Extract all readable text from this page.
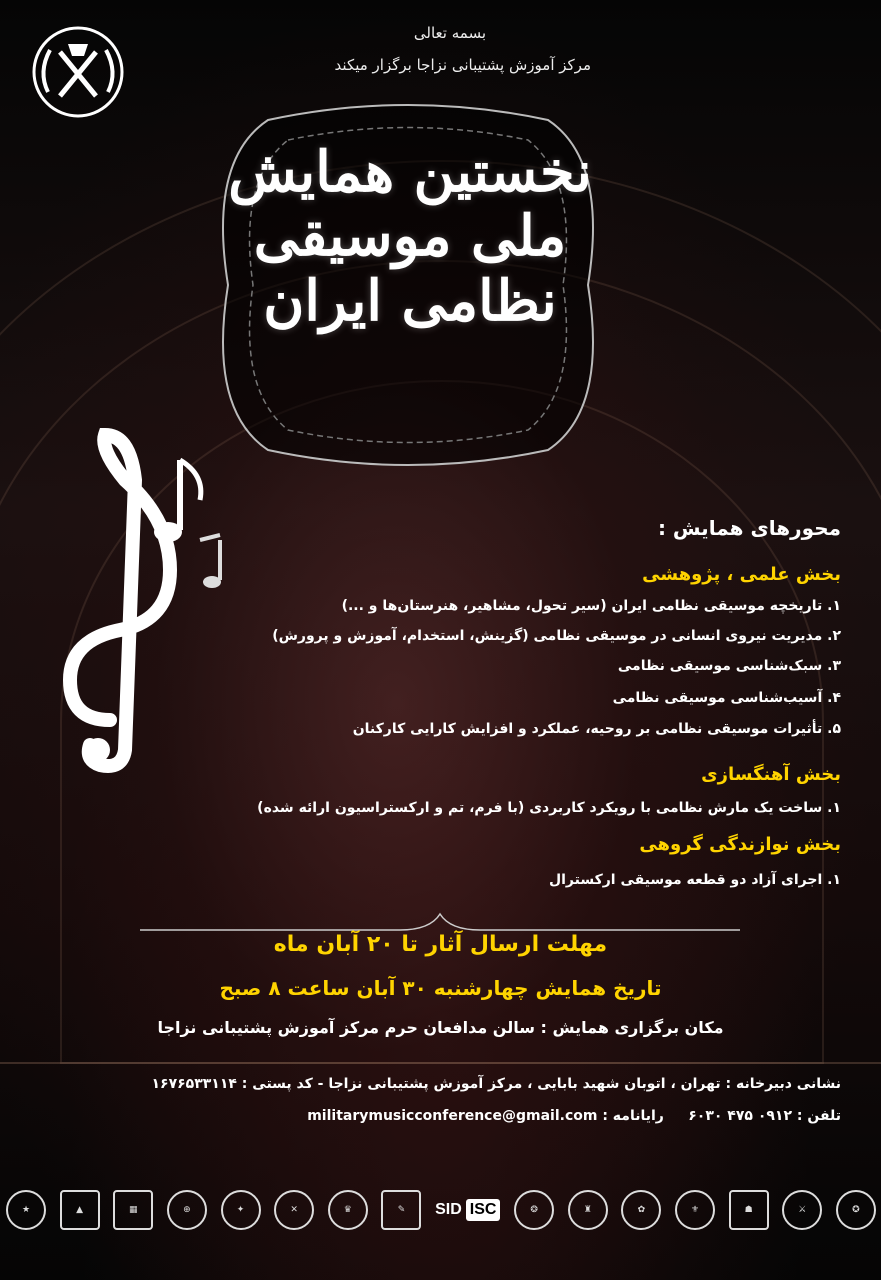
بسمه تعالی
مرکز آموزش پشتیبانی نزاجا برگزار میکند
نخستین همایش
ملی موسیقی
نظامی ایران
محورهای همایش :
بخش علمی ، پژوهشی
۱. تاریخچه موسیقی نظامی ایران (سیر تحول، مشاهیر، هنرستان‌ها و ...)
۲. مدیریت نیروی انسانی در موسیقی نظامی (گزینش، استخدام، آموزش و پرورش)
۳. سبک‌شناسی موسیقی نظامی
۴. آسیب‌شناسی موسیقی نظامی
۵. تأثیرات موسیقی نظامی بر روحیه، عملکرد و افزایش کارایی کارکنان
بخش آهنگسازی
۱. ساخت یک مارش نظامی با رویکرد کاربردی (با فرم، تم و ارکستراسیون ارائه شده)
بخش نوازندگی گروهی
۱. اجرای آزاد دو قطعه موسیقی ارکسترال
مهلت ارسال آثار تا ۲۰ آبان ماه
تاریخ همایش چهارشنبه ۳۰ آبان ساعت ۸ صبح
مکان برگزاری همایش : سالن مدافعان حرم مرکز آموزش پشتیبانی نزاجا
نشانی دبیرخانه : تهران ، اتوبان شهید بابایی ، مرکز آموزش پشتیبانی نزاجا - کد پستی : ۱۶۷۶۵۳۳۱۱۴
تلفن : ۰۹۱۲ ۴۷۵ ۶۰۳۰     رایانامه : militarymusicconference@gmail.com
★	▲	▦	⊕	✦	✕	♛	✎	SID ISC	❂	♜	✿	⚜	☗	⚔	✪
